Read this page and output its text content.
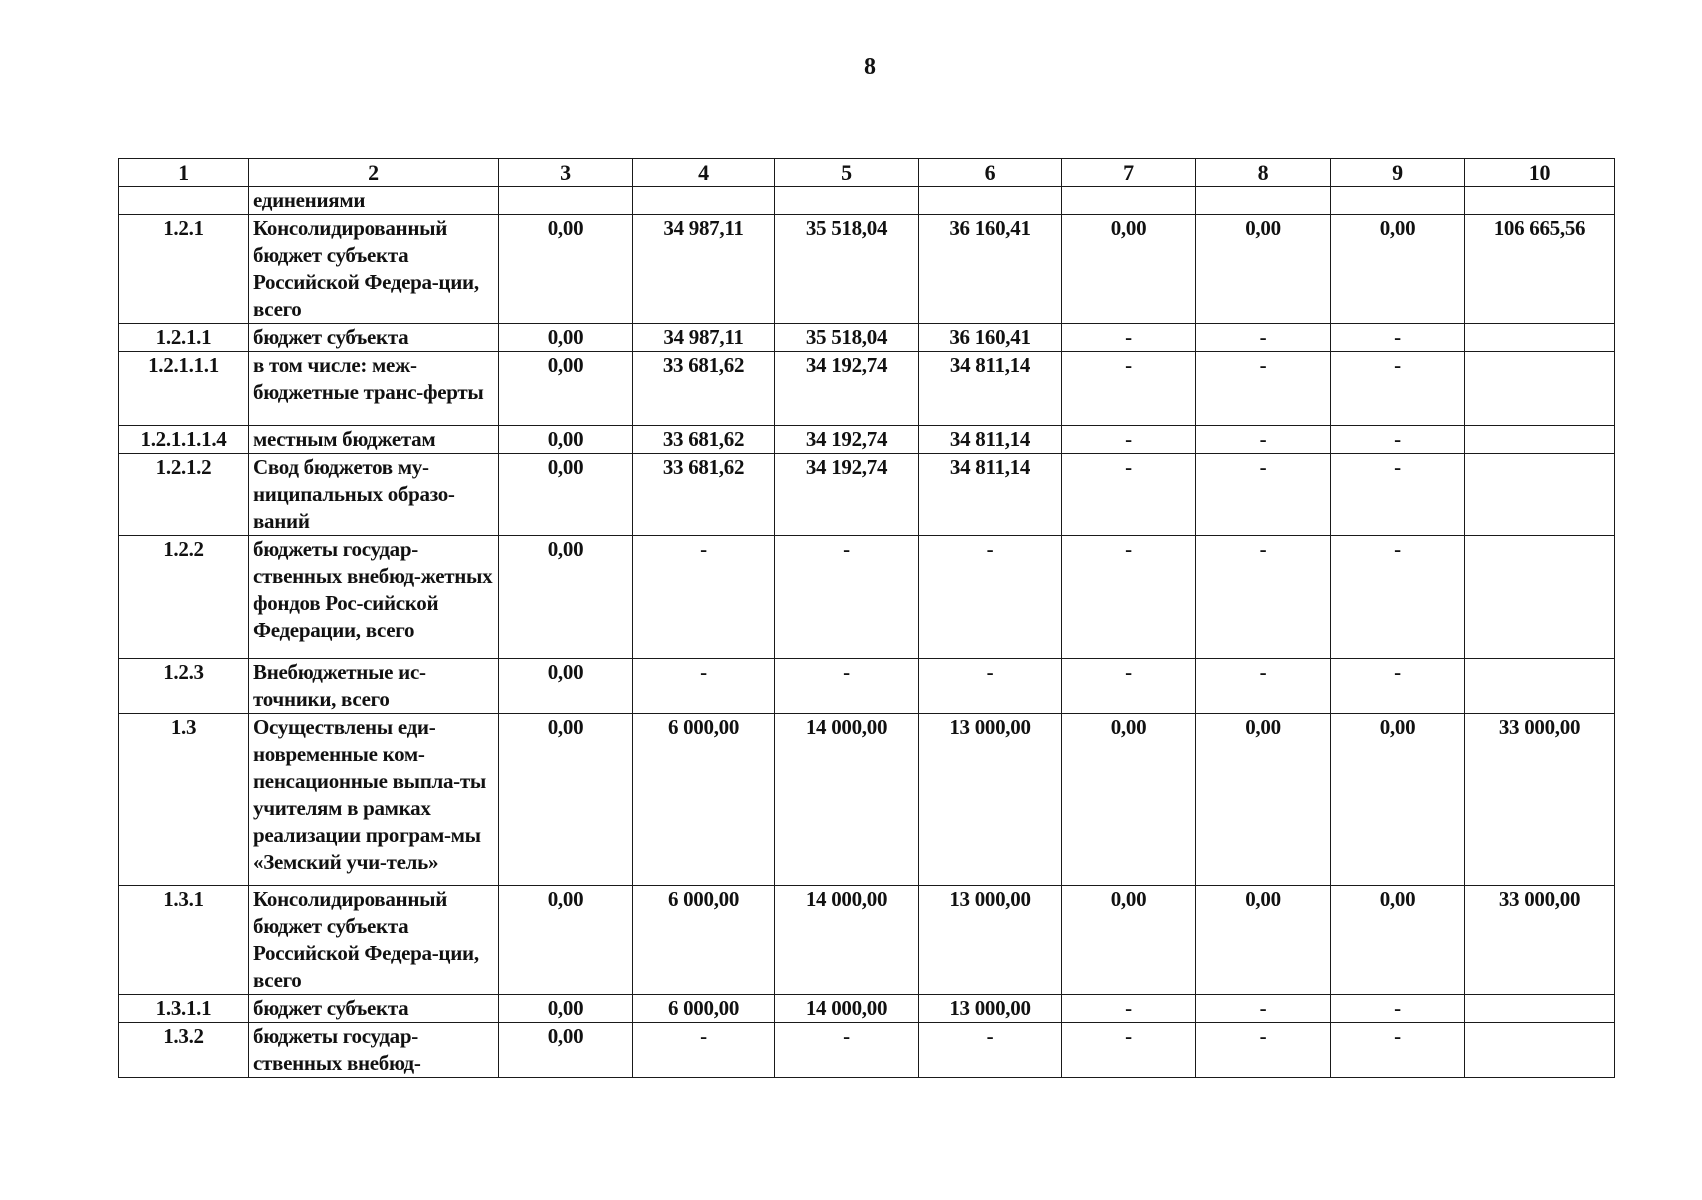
8
1	2	3	4	5	6	7	8	9	10
	единениями								
1.2.1	Консолидированный бюджет субъекта Российской Федера-ции, всего	0,00	34 987,11	35 518,04	36 160,41	0,00	0,00	0,00	106 665,56
1.2.1.1	бюджет субъекта	0,00	34 987,11	35 518,04	36 160,41	-	-	-	
1.2.1.1.1	в том числе: меж-бюджетные транс-ферты	0,00	33 681,62	34 192,74	34 811,14	-	-	-	
1.2.1.1.1.4	местным бюджетам	0,00	33 681,62	34 192,74	34 811,14	-	-	-	
1.2.1.2	Свод бюджетов му-ниципальных образо-ваний	0,00	33 681,62	34 192,74	34 811,14	-	-	-	
1.2.2	бюджеты государ-ственных внебюд-жетных фондов Рос-сийской Федерации, всего	0,00	-	-	-	-	-	-	
1.2.3	Внебюджетные ис-точники, всего	0,00	-	-	-	-	-	-	
1.3	Осуществлены еди-новременные ком-пенсационные выпла-ты учителям в рамках реализации програм-мы «Земский учи-тель»	0,00	6 000,00	14 000,00	13 000,00	0,00	0,00	0,00	33 000,00
1.3.1	Консолидированный бюджет субъекта Российской Федера-ции, всего	0,00	6 000,00	14 000,00	13 000,00	0,00	0,00	0,00	33 000,00
1.3.1.1	бюджет субъекта	0,00	6 000,00	14 000,00	13 000,00	-	-	-	
1.3.2	бюджеты государ-ственных внебюд-	0,00	-	-	-	-	-	-	
